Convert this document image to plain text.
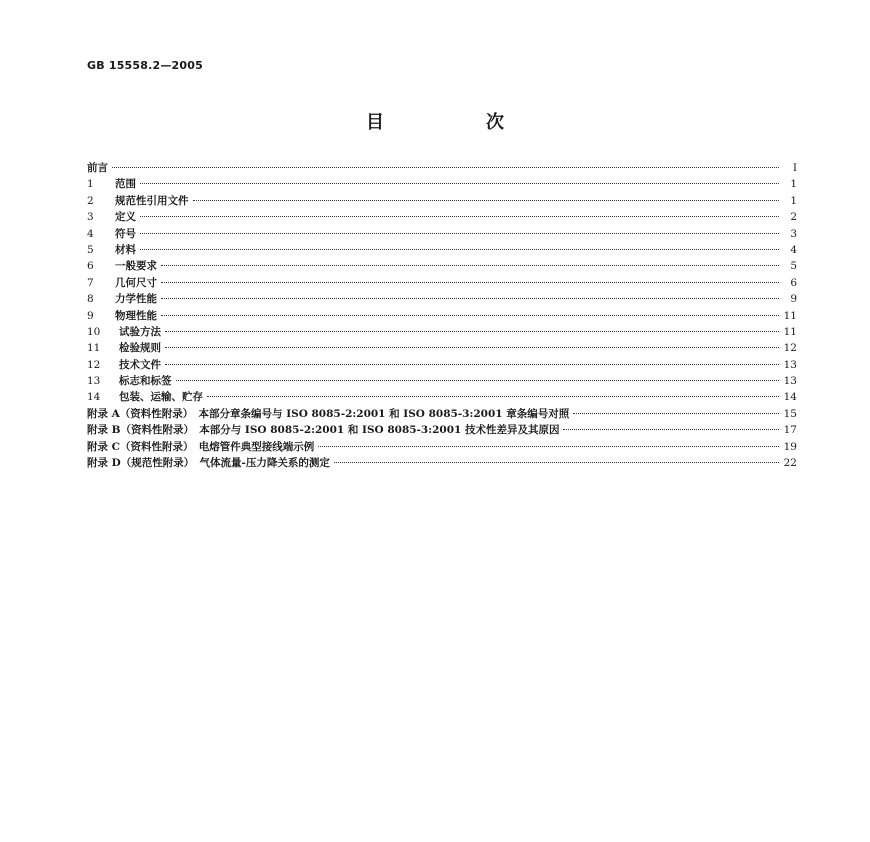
GB 15558.2—2005
目　次
前言	Ⅰ
1	范围	1
2	规范性引用文件	1
3	定义	2
4	符号	3
5	材料	4
6	一般要求	5
7	几何尺寸	6
8	力学性能	9
9	物理性能	11
10	试验方法	11
11	检验规则	12
12	技术文件	13
13	标志和标签	13
14	包装、运输、贮存	14
附录 A（资料性附录）　本部分章条编号与 ISO 8085-2:2001 和 ISO 8085-3:2001 章条编号对照	15
附录 B（资料性附录）　本部分与 ISO 8085-2:2001 和 ISO 8085-3:2001 技术性差异及其原因	17
附录 C（资料性附录）　电熔管件典型接线端示例	19
附录 D（规范性附录）　气体流量-压力降关系的测定	22
